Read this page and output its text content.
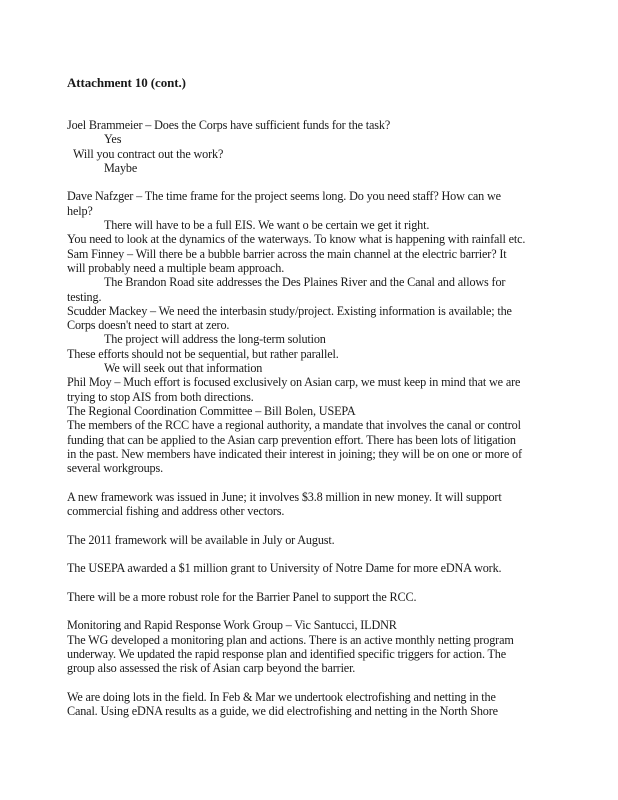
Attachment 10 (cont.)

Joel Brammeier – Does the Corps have sufficient funds for the task?

Yes

Will you contract out the work?

Maybe

Dave Nafzger – The time frame for the project seems long. Do you need staff? How can we

help?

There will have to be a full EIS. We want o be certain we get it right.

You need to look at the dynamics of the waterways. To know what is happening with rainfall etc.

Sam Finney – Will there be a bubble barrier across the main channel at the electric barrier? It

will probably need a multiple beam approach.

The Brandon Road site addresses the Des Plaines River and the Canal and allows for

testing.

Scudder Mackey – We need the interbasin study/project. Existing information is available; the

Corps doesn't need to start at zero.

The project will address the long-term solution

These efforts should not be sequential, but rather parallel.

We will seek out that information

Phil Moy – Much effort is focused exclusively on Asian carp, we must keep in mind that we are

trying to stop AIS from both directions.

The Regional Coordination Committee – Bill Bolen, USEPA

The members of the RCC have a regional authority, a mandate that involves the canal or control

funding that can be applied to the Asian carp prevention effort. There has been lots of litigation

in the past. New members have indicated their interest in joining; they will be on one or more of

several workgroups.

A new framework was issued in June; it involves $3.8 million in new money. It will support

commercial fishing and address other vectors.

The 2011 framework will be available in July or August.

The USEPA awarded a $1 million grant to University of Notre Dame for more eDNA work.

There will be a more robust role for the Barrier Panel to support the RCC.

Monitoring and Rapid Response Work Group – Vic Santucci, ILDNR

The WG developed a monitoring plan and actions. There is an active monthly netting program

underway. We updated the rapid response plan and identified specific triggers for action. The

group also assessed the risk of Asian carp beyond the barrier.

We are doing lots in the field. In Feb & Mar we undertook electrofishing and netting in the

Canal. Using eDNA results as a guide, we did electrofishing and netting in the North Shore
